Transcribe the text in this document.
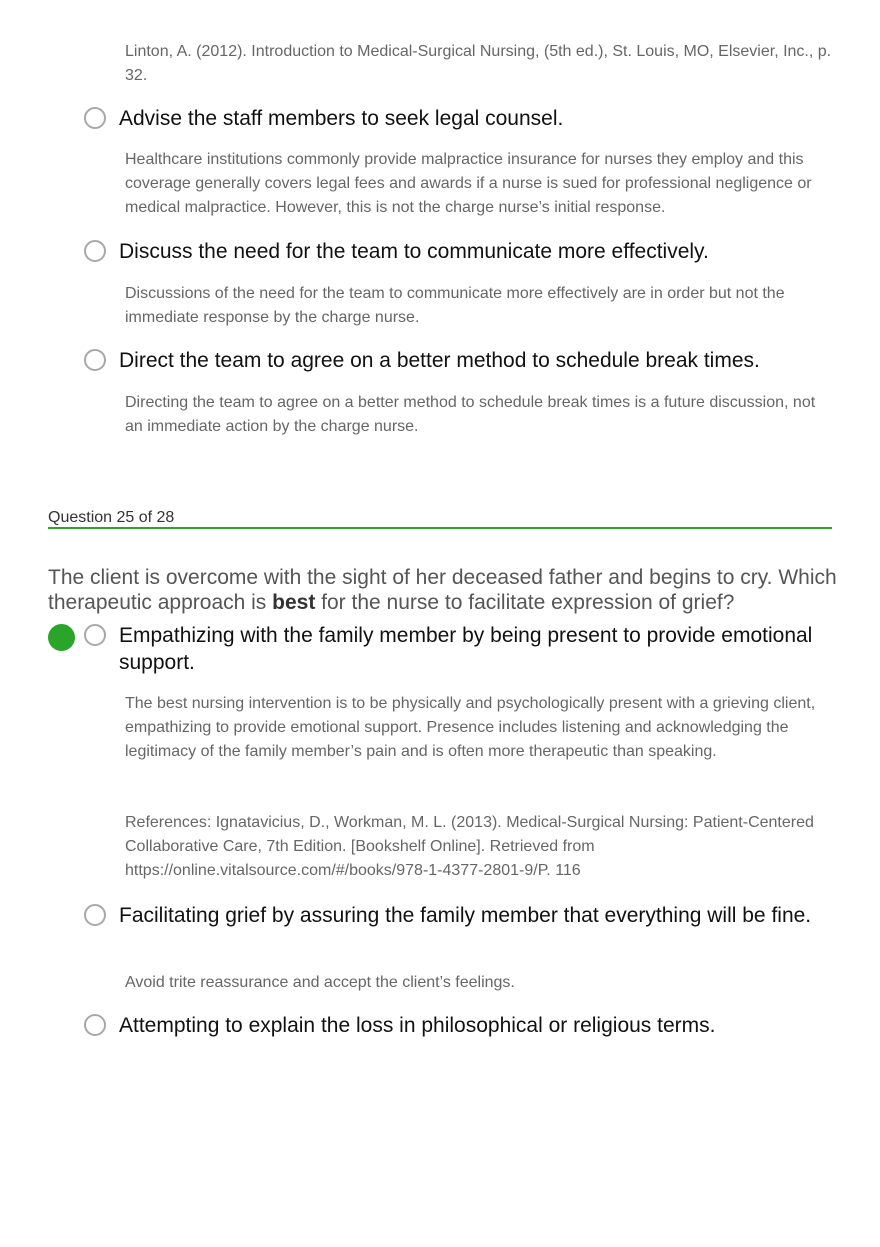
Linton, A. (2012). Introduction to Medical-Surgical Nursing, (5th ed.), St. Louis, MO, Elsevier, Inc., p. 32.

Advise the staff members to seek legal counsel.

Healthcare institutions commonly provide malpractice insurance for nurses they employ and this coverage generally covers legal fees and awards if a nurse is sued for professional negligence or medical malpractice. However, this is not the charge nurse’s initial response.

Discuss the need for the team to communicate more effectively.

Discussions of the need for the team to communicate more effectively are in order but not the immediate response by the charge nurse.

Direct the team to agree on a better method to schedule break times.

Directing the team to agree on a better method to schedule break times is a future discussion, not an immediate action by the charge nurse.

Question 25 of 28

The client is overcome with the sight of her deceased father and begins to cry. Which therapeutic approach is best for the nurse to facilitate expression of grief?

Empathizing with the family member by being present to provide emotional support.

The best nursing intervention is to be physically and psychologically present with a grieving client, empathizing to provide emotional support. Presence includes listening and acknowledging the legitimacy of the family member’s pain and is often more therapeutic than speaking.

References: Ignatavicius, D., Workman, M. L. (2013). Medical-Surgical Nursing: Patient-Centered Collaborative Care, 7th Edition. [Bookshelf Online]. Retrieved from https://online.vitalsource.com/#/books/978-1-4377-2801-9/P. 116

Facilitating grief by assuring the family member that everything will be fine.

Avoid trite reassurance and accept the client’s feelings.

Attempting to explain the loss in philosophical or religious terms.
